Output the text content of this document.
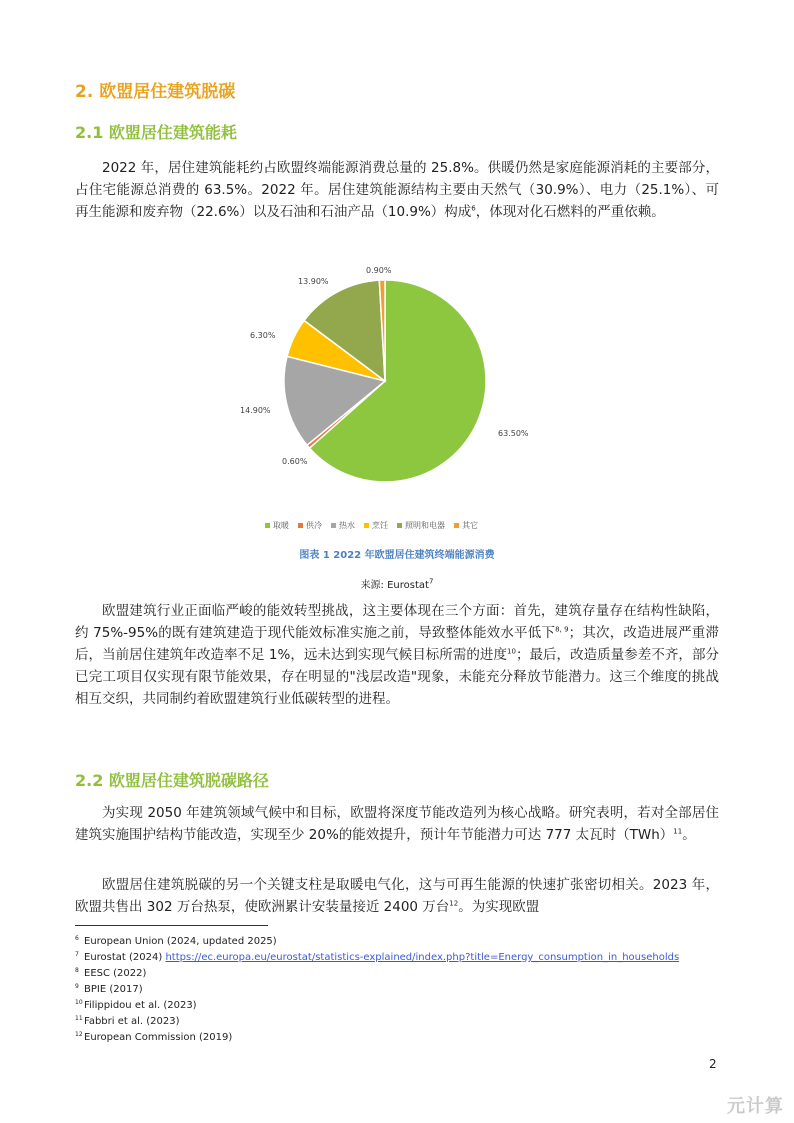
2. 欧盟居住建筑脱碳
2.1 欧盟居住建筑能耗

2022 年，居住建筑能耗约占欧盟终端能源消费总量的 25.8%。供暖仍然是家庭能源消耗的主要部分，占住宅能源总消费的 63.5%。2022 年。居住建筑能源结构主要由天然气（30.9%）、电力（25.1%）、可再生能源和废弃物（22.6%）以及石油和石油产品（10.9%）构成$^6$，体现对化石燃料的严重依赖。

63.50%
0.60%
14.90%
6.30%
13.90%
0.90%
取暖 供冷 热水 烹饪 照明和电器 其它
图表 1 2022 年欧盟居住建筑终端能源消费
来源: Eurostat$^7$

欧盟建筑行业正面临严峻的能效转型挑战，这主要体现在三个方面：首先，建筑存量存在结构性缺陷，约 75%-95%的既有建筑建造于现代能效标准实施之前，导致整体能效水平低下$^{8, 9}$；其次，改造进展严重滞后，当前居住建筑年改造率不足 1%，远未达到实现气候目标所需的进度$^{10}$；最后，改造质量参差不齐，部分已完工项目仅实现有限节能效果，存在明显的"浅层改造"现象，未能充分释放节能潜力。这三个维度的挑战相互交织，共同制约着欧盟建筑行业低碳转型的进程。

2.2 欧盟居住建筑脱碳路径

为实现 2050 年建筑领域气候中和目标，欧盟将深度节能改造列为核心战略。研究表明，若对全部居住建筑实施围护结构节能改造，实现至少 20%的能效提升，预计年节能潜力可达 777 太瓦时（TWh）$^{11}$。

欧盟居住建筑脱碳的另一个关键支柱是取暖电气化，这与可再生能源的快速扩张密切相关。2023 年，欧盟共售出 302 万台热泵，使欧洲累计安装量接近 2400 万台$^{12}$。为实现欧盟

6 European Union (2024, updated 2025)
7 Eurostat (2024) https://ec.europa.eu/eurostat/statistics-explained/index.php?title=Energy_consumption_in_households
8 EESC (2022)
9 BPIE (2017)
10Filippidou et al. (2023)
11Fabbri et al. (2023)
12European Commission (2019)
2
元计算
